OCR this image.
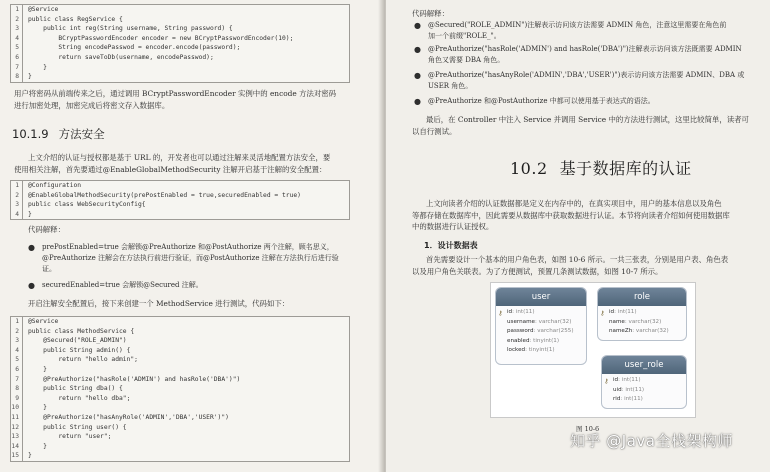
1	@Service
2	public class RegService {
3	public int reg(String username, String password) {
4	BCryptPasswordEncoder encoder = new BCryptPasswordEncoder(10);
5	String encodePasswod = encoder.encode(password);
6	return saveToDb(username, encodePasswod);
7	}
8	}
用户将密码从前端传来之后，通过调用 BCryptPasswordEncoder 实例中的 encode 方法对密码
进行加密处理，加密完成后将密文存入数据库。
10.1.9 方法安全
上文介绍的认证与授权都是基于 URL 的，开发者也可以通过注解来灵活地配置方法安全，要
使用相关注解，首先要通过@EnableGlobalMethodSecurity 注解开启基于注解的安全配置：
1	@Configuration
2	@EnableGlobalMethodSecurity(prePostEnabled = true,securedEnabled = true)
3	public class WebSecurityConfig{
4	}
代码解释：
● prePostEnabled=true 会解锁@PreAuthorize 和@PostAuthorize 两个注解，顾名思义，
@PreAuthorize 注解会在方法执行前进行验证，而@PostAuthorize 注解在方法执行后进行验
证。
● securedEnabled=true 会解锁@Secured 注解。
开启注解安全配置后，接下来创建一个 MethodService 进行测试，代码如下：
1	@Service
2	public class MethodService {
3	@Secured("ROLE_ADMIN")
4	public String admin() {
5	return "hello admin";
6	}
7	@PreAuthorize("hasRole('ADMIN') and hasRole('DBA')")
8	public String dba() {
9	return "hello dba";
10	}
11	@PreAuthorize("hasAnyRole('ADMIN','DBA','USER')")
12	public String user() {
13	return "user";
14	}
15	}
代码解释：
● @Secured("ROLE_ADMIN")注解表示访问该方法需要 ADMIN 角色，注意这里需要在角色前
加一个前缀"ROLE_"。
● @PreAuthorize("hasRole('ADMIN') and hasRole('DBA')")注解表示访问该方法既需要 ADMIN
角色又需要 DBA 角色。
● @PreAuthorize("hasAnyRole('ADMIN','DBA','USER')")表示访问该方法需要 ADMIN、DBA 或
USER 角色。
● @PreAuthorize 和@PostAuthorize 中都可以使用基于表达式的语法。
最后，在 Controller 中注入 Service 并调用 Service 中的方法进行测试，这里比较简单，读者可
以自行测试。
10.2 基于数据库的认证
上文向读者介绍的认证数据都是定义在内存中的，在真实项目中，用户的基本信息以及角色
等都存储在数据库中，因此需要从数据库中获取数据进行认证。本节将向读者介绍如何使用数据库
中的数据进行认证授权。
1．设计数据表
首先需要设计一个基本的用户角色表，如图 10-6 所示。一共三张表，分别是用户表、角色表
以及用户角色关联表。为了方便测试，预置几条测试数据，如图 10-7 所示。
user
⚷ id: int(11)
username: varchar(32)
password: varchar(255)
enabled: tinyint(1)
locked: tinyint(1)
role
⚷ id: int(11)
name: varchar(32)
nameZh: varchar(32)
user_role
⚷ id: int(11)
uid: int(11)
rid: int(11)
图 10-6
知乎 @Java全栈架构师
